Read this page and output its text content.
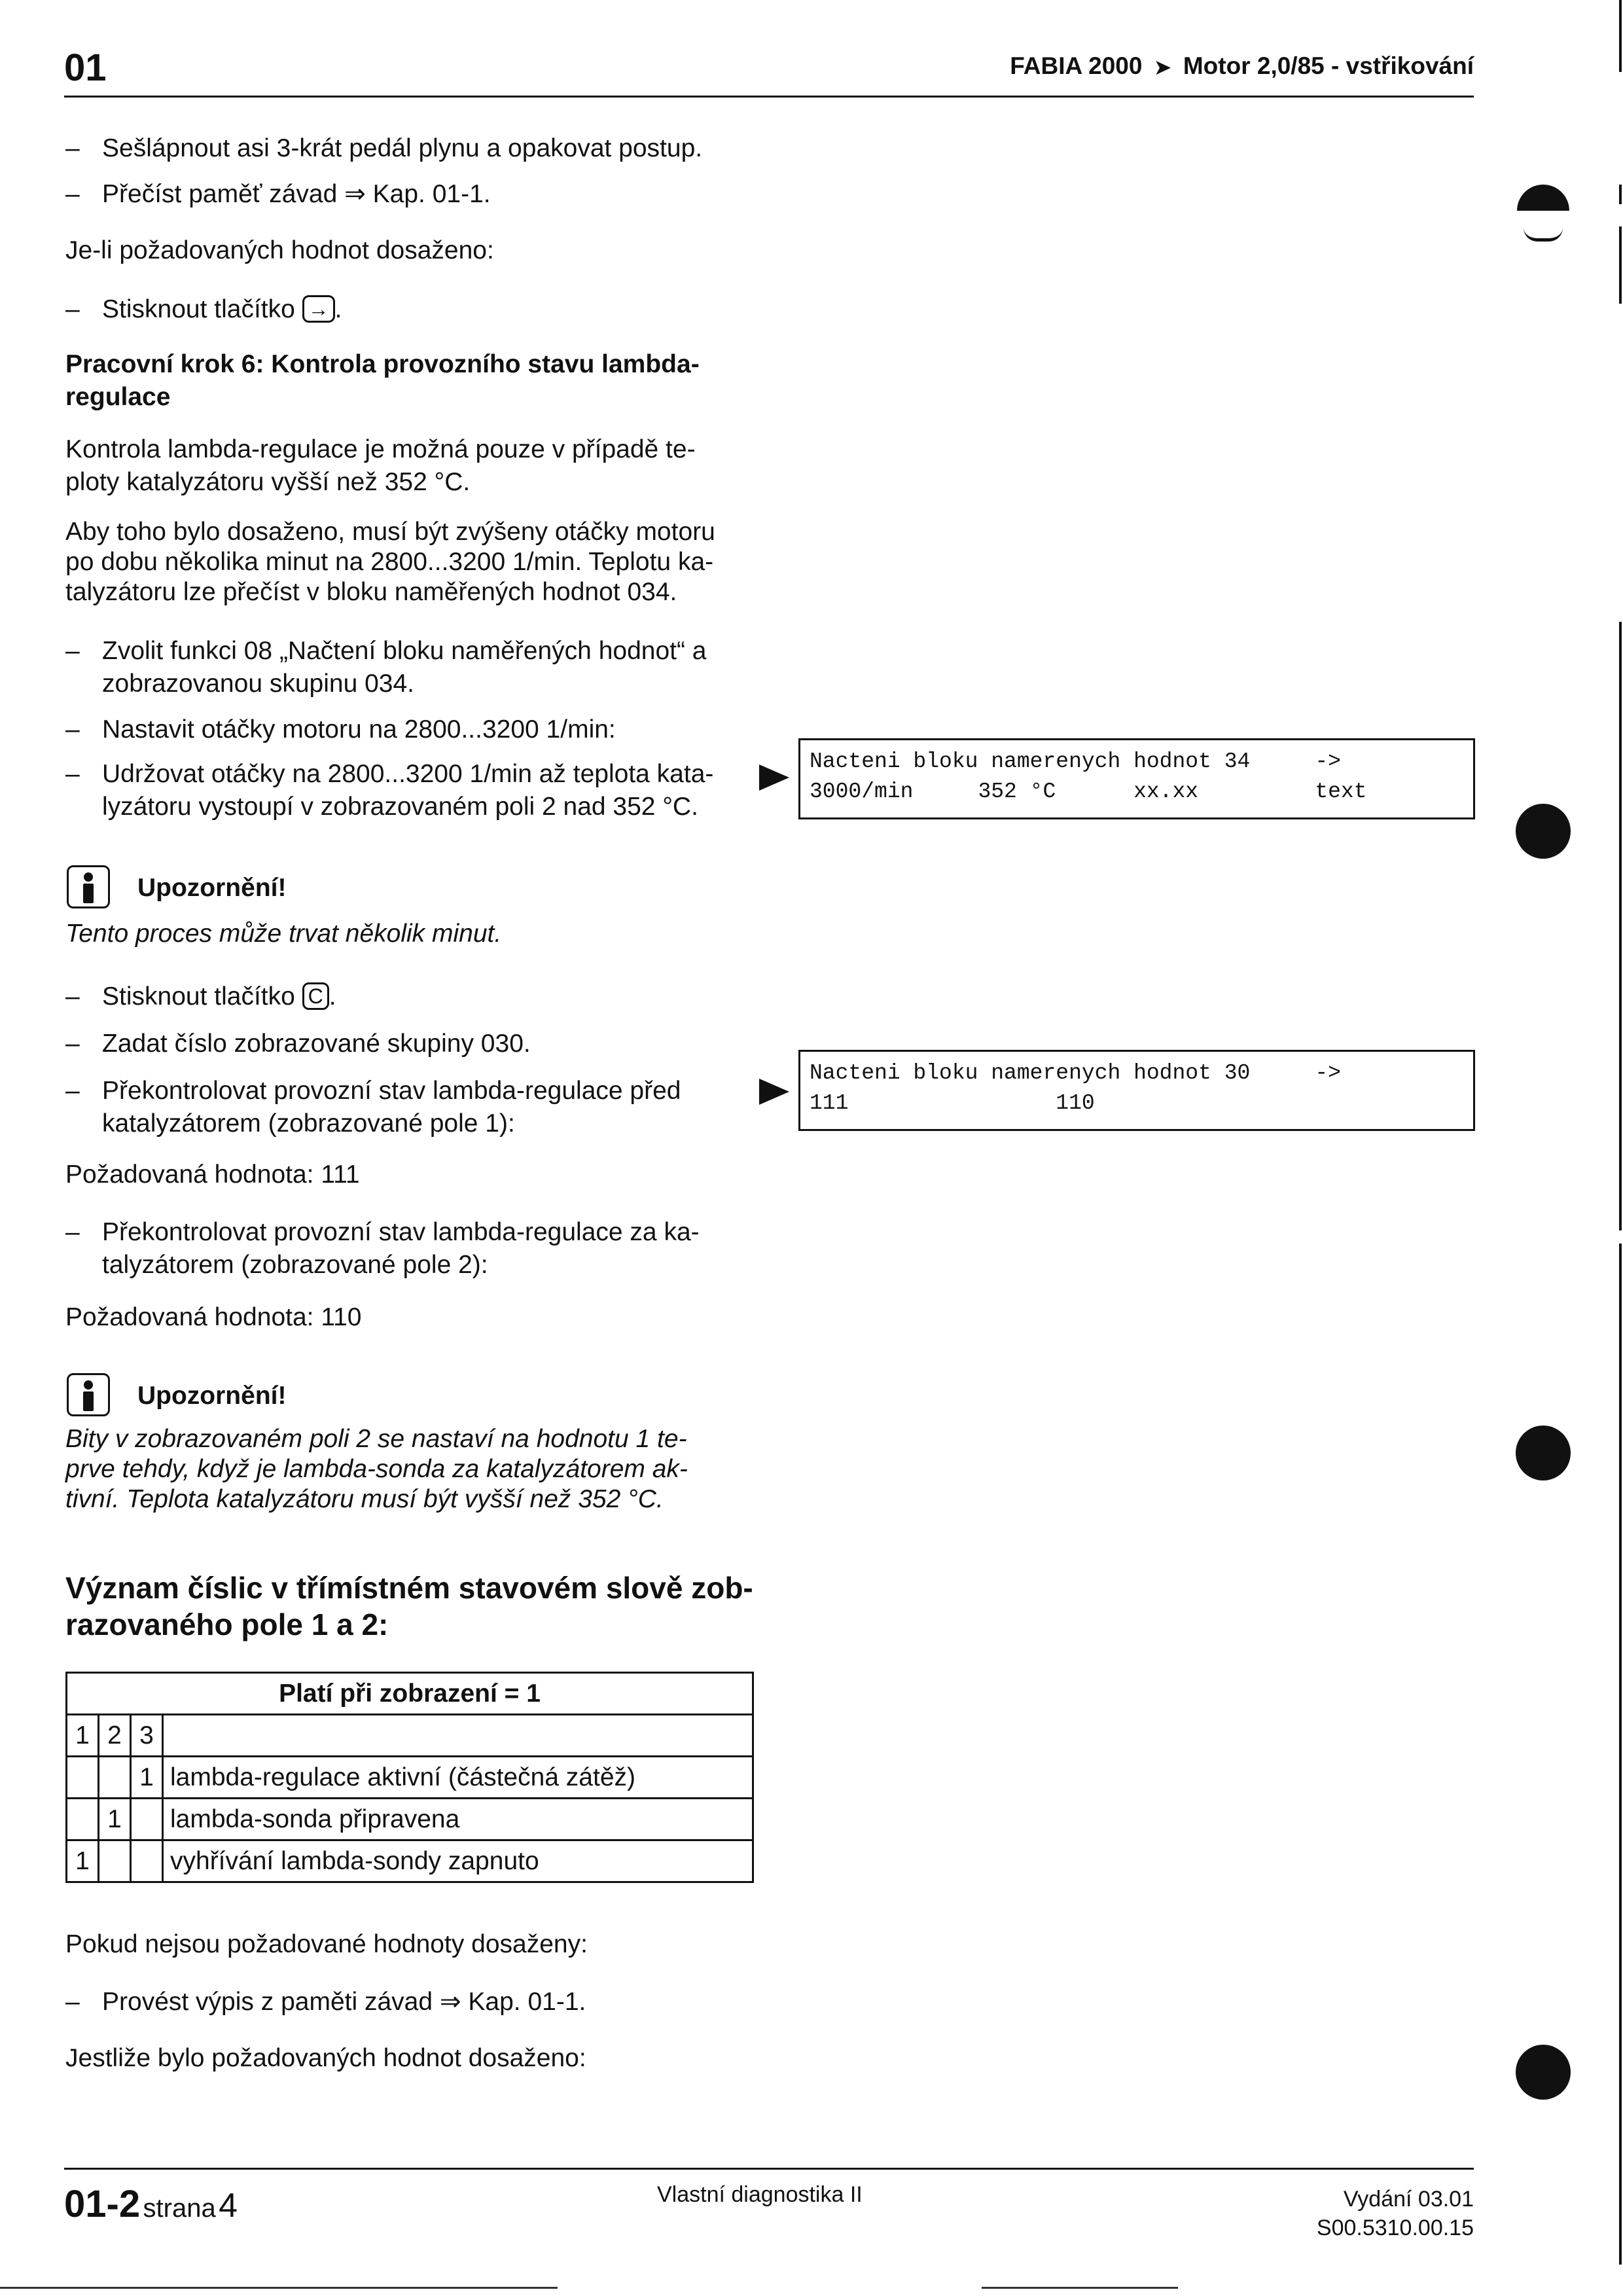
01	FABIA 2000  ➤  Motor 2,0/85 - vstřikování
– Sešlápnout asi 3-krát pedál plynu a opakovat postup.
– Přečíst paměť závad ⇒ Kap. 01-1.
Je-li požadovaných hodnot dosaženo:
– Stisknout tlačítko → .
Pracovní krok 6: Kontrola provozního stavu lambda-
regulace
Kontrola lambda-regulace je možná pouze v případě te-
ploty katalyzátoru vyšší než 352 °C.
Aby toho bylo dosaženo, musí být zvýšeny otáčky motoru
po dobu několika minut na 2800...3200 1/min. Teplotu ka-
talyzátoru lze přečíst v bloku naměřených hodnot 034.
– Zvolit funkci 08 „Načtení bloku naměřených hodnot“ a
zobrazovanou skupinu 034.
– Nastavit otáčky motoru na 2800...3200 1/min:
– Udržovat otáčky na 2800...3200 1/min až teplota kata-
lyzátoru vystoupí v zobrazovaném poli 2 nad 352 °C.
Nacteni bloku namerenych hodnot 34     ->
3000/min     352 °C      xx.xx         text
Upozornění!
Tento proces může trvat několik minut.
– Stisknout tlačítko C .
– Zadat číslo zobrazované skupiny 030.
– Překontrolovat provozní stav lambda-regulace před
katalyzátorem (zobrazované pole 1):
Nacteni bloku namerenych hodnot 30     ->
111                110
Požadovaná hodnota: 111
– Překontrolovat provozní stav lambda-regulace za ka-
talyzátorem (zobrazované pole 2):
Požadovaná hodnota: 110
Upozornění!
Bity v zobrazovaném poli 2 se nastaví na hodnotu 1 te-
prve tehdy, když je lambda-sonda za katalyzátorem ak-
tivní. Teplota katalyzátoru musí být vyšší než 352 °C.
Význam číslic v třímístném stavovém slově zob-
razovaného pole 1 a 2:
Platí při zobrazení = 1			
1	2	3	
		1	lambda-regulace aktivní (částečná zátěž)
	1		lambda-sonda připravena
1			vyhřívání lambda-sondy zapnuto
Pokud nejsou požadované hodnoty dosaženy:
– Provést výpis z paměti závad ⇒ Kap. 01-1.
Jestliže bylo požadovaných hodnot dosaženo:
01-2 strana 4	Vlastní diagnostika II	Vydání 03.01
S00.5310.00.15
